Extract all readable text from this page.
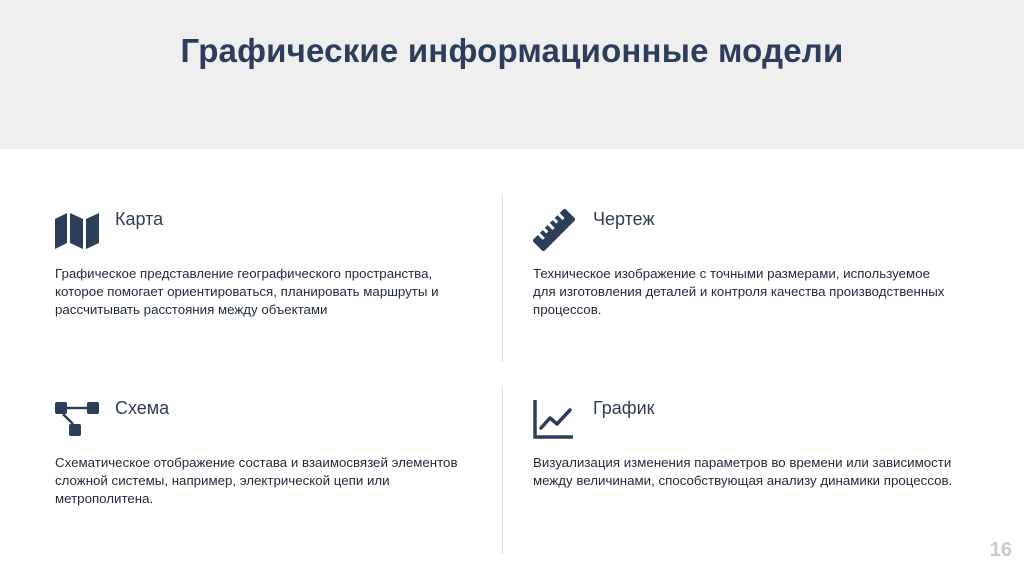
Графические информационные модели
Карта
Графическое представление географического пространства, которое помогает ориентироваться, планировать маршруты и рассчитывать расстояния между объектами
Чертеж
Техническое изображение с точными размерами, используемое для изготовления деталей и контроля качества производственных процессов.
Схема
Схематическое отображение состава и взаимосвязей элементов сложной системы, например, электрической цепи или метрополитена.
График
Визуализация изменения параметров во времени или зависимости между величинами, способствующая анализу динамики процессов.
16
